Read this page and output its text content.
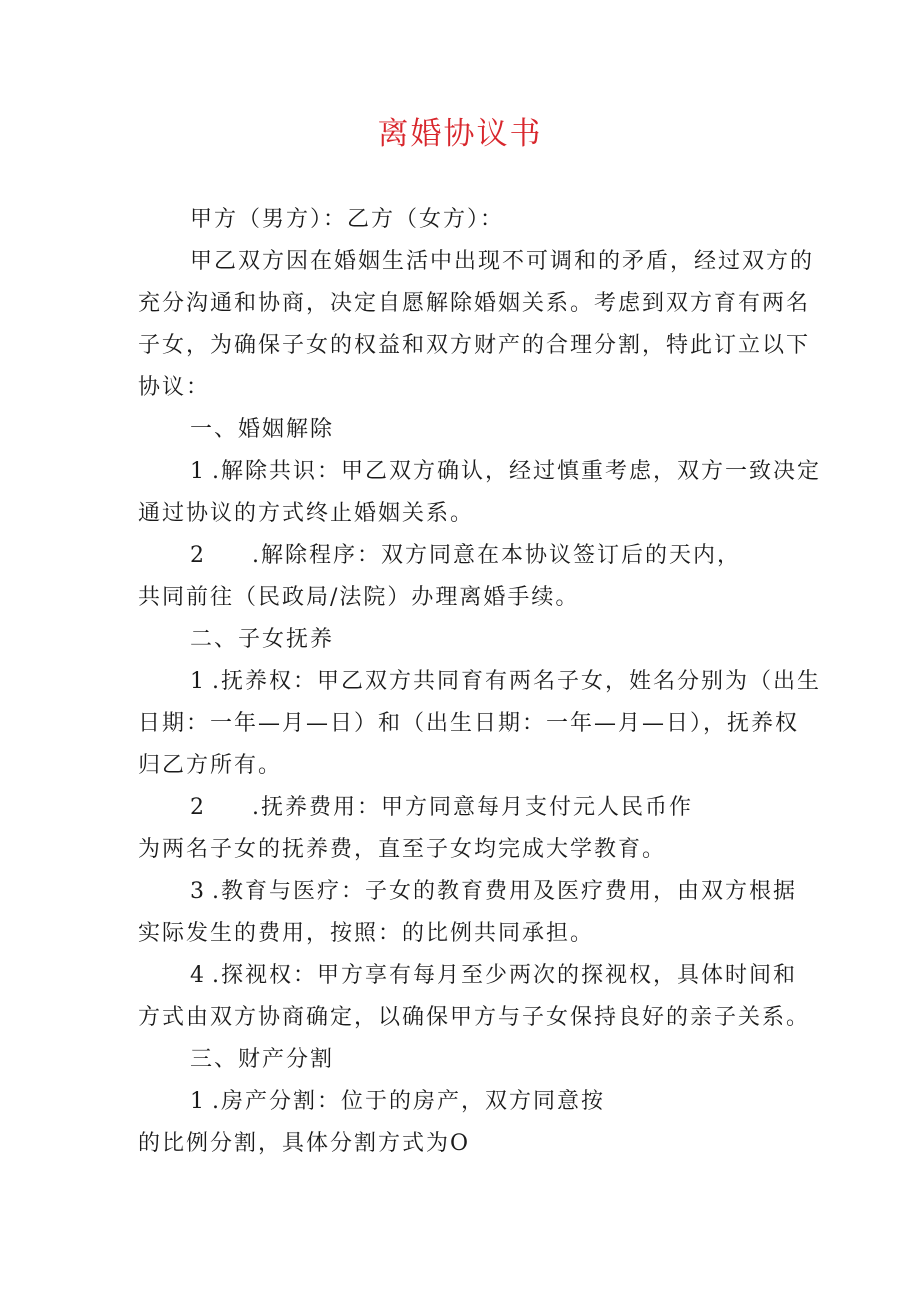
离婚协议书
甲方（男方）：乙方（女方）：
甲乙双方因在婚姻生活中出现不可调和的矛盾，经过双方的
充分沟通和协商，决定自愿解除婚姻关系。考虑到双方育有两名
子女，为确保子女的权益和双方财产的合理分割，特此订立以下
协议：
一、婚姻解除
1 .解除共识：甲乙双方确认，经过慎重考虑，双方一致决定
通过协议的方式终止婚姻关系。
2 .解除程序：双方同意在本协议签订后的天内，
共同前往（民政局/法院）办理离婚手续。
二、子女抚养
1 .抚养权：甲乙双方共同育有两名子女，姓名分别为（出生
日期：一年—月—日）和（出生日期：一年—月—日），抚养权
归乙方所有。
2 .抚养费用：甲方同意每月支付元人民币作
为两名子女的抚养费，直至子女均完成大学教育。
3 .教育与医疗：子女的教育费用及医疗费用，由双方根据
实际发生的费用，按照：的比例共同承担。
4 .探视权：甲方享有每月至少两次的探视权，具体时间和
方式由双方协商确定，以确保甲方与子女保持良好的亲子关系。
三、财产分割
1 .房产分割：位于的房产，双方同意按
的比例分割，具体分割方式为O
